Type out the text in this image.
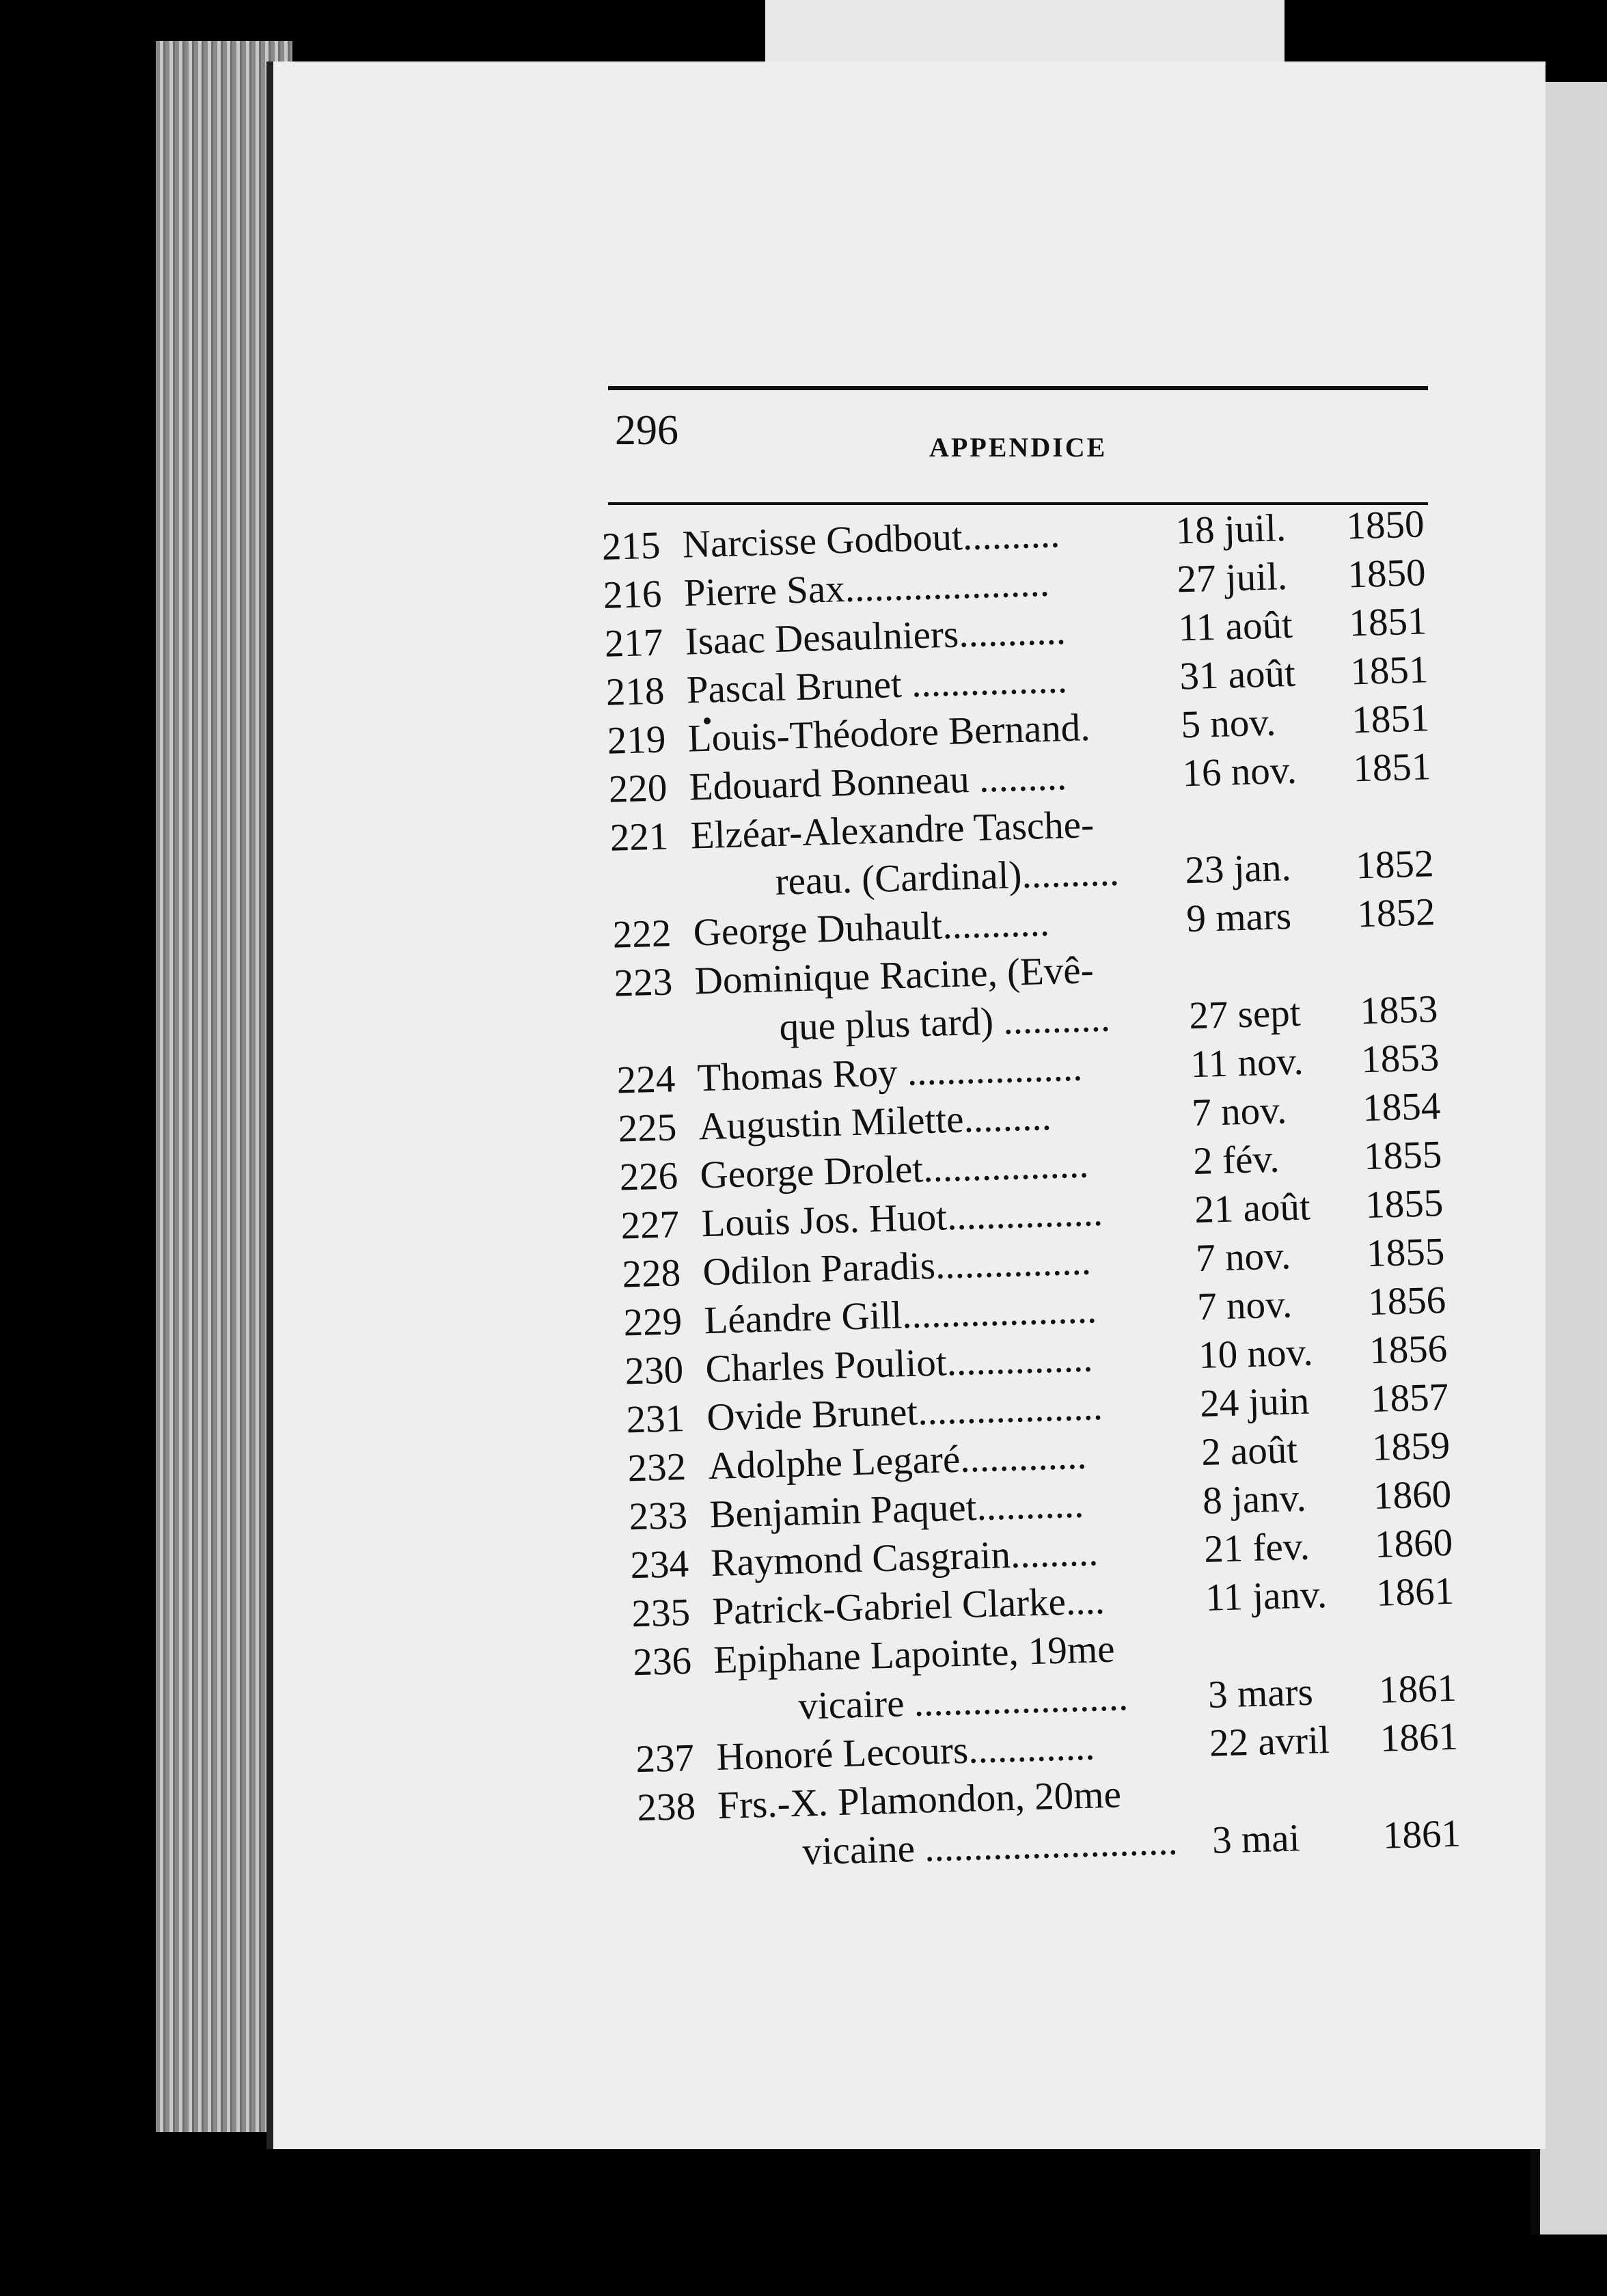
296	APPENDICE
215 Narcisse Godbout..........	18 juil.	1850
216 Pierre Sax.....................	27 juil.	1850
217 Isaac Desaulniers...........	11 août	1851
218 Pascal Brunet ................	31 août	1851
219 Louis-Théodore Bernand. 5 nov.	1851
220 Edouard Bonneau .........	16 nov.	1851
221 Elzéar-Alexandre Tasche-
reau. (Cardinal).......... 23 jan.	1852
222 George Duhault...........	9 mars	1852
223 Dominique Racine, (Evê-
que plus tard) ........... 27 sept	1853
224 Thomas Roy ..................	11 nov.	1853
225 Augustin Milette.........	7 nov.	1854
226 George Drolet.................	2 fév.	1855
227 Louis Jos. Huot................ 21 août	1855
228 Odilon Paradis................	7 nov.	1855
229 Léandre Gill....................	7 nov.	1856
230 Charles Pouliot...............	10 nov.	1856
231 Ovide Brunet................... 24 juin	1857
232 Adolphe Legaré.............	2 août	1859
233 Benjamin Paquet...........	8 janv.	1860
234 Raymond Casgrain.........	21 fev.	1860
235 Patrick-Gabriel Clarke....	11 janv.	1861
236 Epiphane Lapointe, 19me
vicaire ...................... 3 mars	1861
237 Honoré Lecours.............	22 avril	1861
238 Frs.-X. Plamondon, 20me
vicaine .......................... 3 mai	1861
